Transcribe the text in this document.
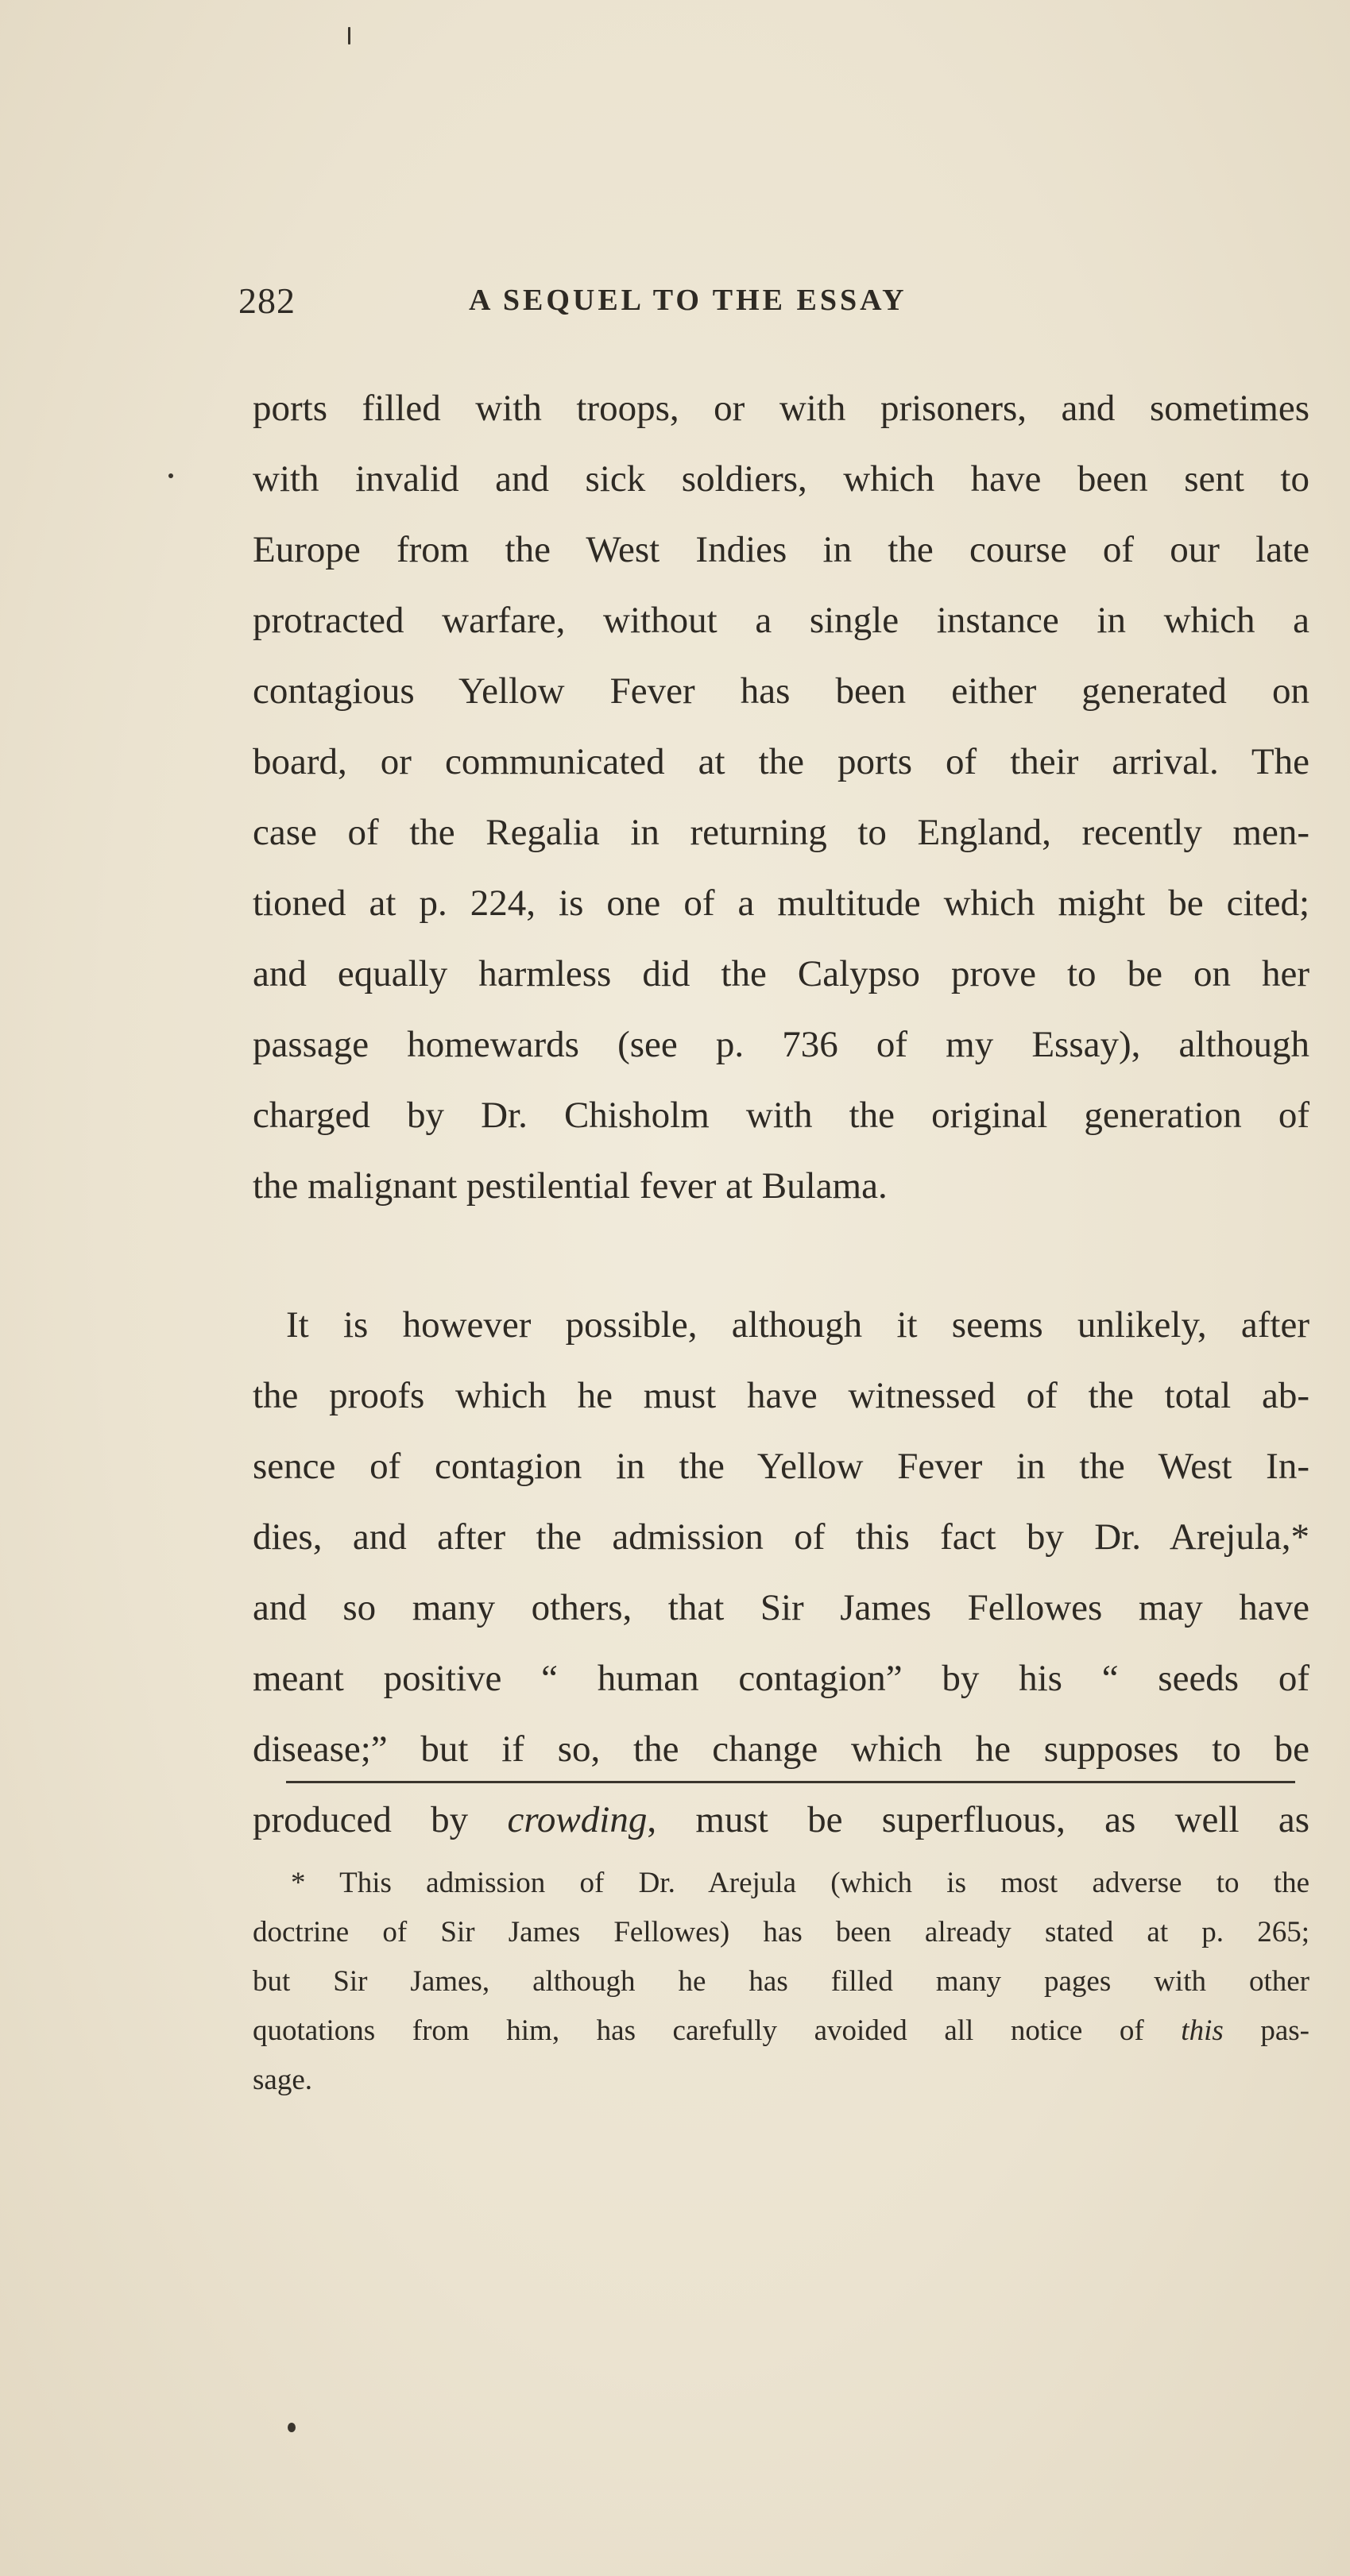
282	A SEQUEL TO THE ESSAY
ports filled with troops, or with prisoners, and sometimes
with invalid and sick soldiers, which have been sent to
Europe from the West Indies in the course of our late
protracted warfare, without a single instance in which a
contagious Yellow Fever has been either generated on
board, or communicated at the ports of their arrival. The
case of the Regalia in returning to England, recently men-
tioned at p. 224, is one of a multitude which might be cited;
and equally harmless did the Calypso prove to be on her
passage homewards (see p. 736 of my Essay), although
charged by Dr. Chisholm with the original generation of
the malignant pestilential fever at Bulama.
It is however possible, although it seems unlikely, after
the proofs which he must have witnessed of the total ab-
sence of contagion in the Yellow Fever in the West In-
dies, and after the admission of this fact by Dr. Arejula,*
and so many others, that Sir James Fellowes may have
meant positive “ human contagion” by his “ seeds of
disease;” but if so, the change which he supposes to be
produced by crowding, must be superfluous, as well as
* This admission of Dr. Arejula (which is most adverse to the
doctrine of Sir James Fellowes) has been already stated at p. 265;
but Sir James, although he has filled many pages with other
quotations from him, has carefully avoided all notice of this pas-
sage.
